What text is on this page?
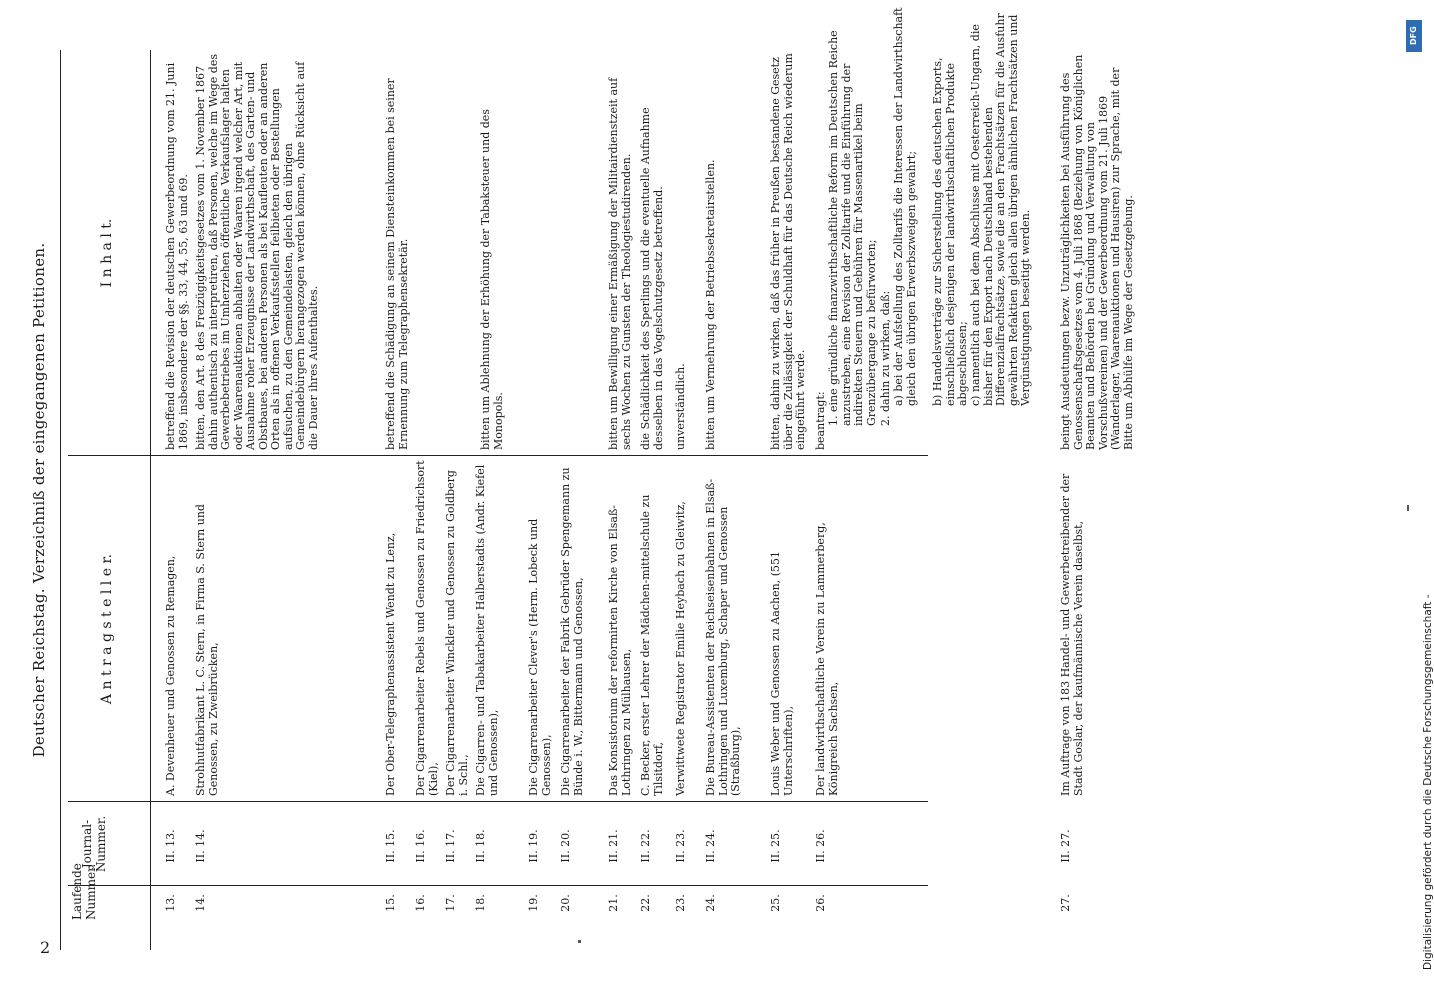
2
Deutscher Reichstag. Verzeichniß der eingegangenen Petitionen.
Laufende Nummer.
Journal-Nummer.
A n t r a g s t e l l e r.
I n h a l t.
13.
II. 13.
A. Devenheuer und Genossen zu Remagen,
betreffend die Revision der deutschen Gewerbeordnung vom 21. Juni 1869, insbesondere der §§. 33, 44, 55, 63 und 69.
14.
II. 14.
Strohhutfabrikant L. C. Stern, in Firma S. Stern und Genossen, zu Zweibrücken,
bitten, den Art. 8 des Freizügigkeitsgesetzes vom 1. November 1867 dahin authentisch zu interpretiren, daß Personen, welche im Wege des Gewerbebetriebes im Umherziehen öffentliche Verkaufslager halten oder Waarenauktionen abhalten oder Waaren irgend welcher Art, mit Ausnahme roher Erzeugnisse der Landwirthschaft, des Garten- und Obstbaues, bei anderen Personen als bei Kaufleuten oder an anderen Orten als in offenen Verkaufsstellen feilbieten oder Bestellungen aufsuchen, zu den Gemeindelasten, gleich den übrigen Gemeindebürgern herangezogen werden können, ohne Rücksicht auf die Dauer ihres Aufenthaltes.
15.
II. 15.
Der Ober-Telegraphenassistent Wendt zu Lenz,
betreffend die Schädigung an seinem Diensteinkommen bei seiner Ernennung zum Telegraphensekretär.
16.
II. 16.
Der Cigarrenarbeiter Rebels und Genossen zu Friedrichsort (Kiel),
17.
II. 17.
Der Cigarrenarbeiter Winckler und Genossen zu Goldberg i. Schl.,
18.
II. 18.
Die Cigarren- und Tabakarbeiter Halberstadts (Andr. Kiefel und Genossen),
bitten um Ablehnung der Erhöhung der Tabaksteuer und des Monopols.
19.
II. 19.
Die Cigarrenarbeiter Clever's (Herm. Lobeck und Genossen),
20.
II. 20.
Die Cigarrenarbeiter der Fabrik Gebrüder Spengemann zu Bünde i. W., Bittermann und Genossen,
21.
II. 21.
Das Konsistorium der reformirten Kirche von Elsaß-Lothringen zu Mülhausen,
bitten um Bewilligung einer Ermäßigung der Militairdienstzeit auf sechs Wochen zu Gunsten der Theologiestudirenden.
22.
II. 22.
C. Becker, erster Lehrer der Mädchen-mittelschule zu Tilsitdorf,
die Schädlichkeit des Sperlings und die eventuelle Aufnahme desselben in das Vogelschutzgesetz betreffend.
23.
II. 23.
Verwittwete Registrator Emilie Heybach zu Gleiwitz,
unverständlich.
24.
II. 24.
Die Bureau-Assistenten der Reichseisenbahnen in Elsaß-Lothringen und Luxemburg, Schaper und Genossen (Straßburg),
bitten um Vermehrung der Betriebssekretairstellen.
25.
II. 25.
Louis Weber und Genossen zu Aachen, (551 Unterschriften),
bitten, dahin zu wirken, daß das früher in Preußen bestandene Gesetz über die Zulässigkeit der Schuldhaft für das Deutsche Reich wiederum eingeführt werde.
26.
II. 26.
Der landwirthschaftliche Verein zu Lammerberg, Königreich Sachsen,
beantragt: 1. eine gründliche finanzwirthschaftliche Reform im Deutschen Reiche anzustreben, eine Revision der Zolltarife und die Einführung der indirekten Steuern und Gebühren für Massenartikel beim Grenzübergange zu befürworten; 2. dahin zu wirken, daß: a) bei der Aufstellung des Zolltarifs die Interessen der Landwirthschaft gleich den übrigen Erwerbszweigen gewahrt; b) Handelsverträge zur Sicherstellung des deutschen Exports, einschließlich desjenigen der landwirthschaftlichen Produkte abgeschlossen; c) namentlich auch bei dem Abschlusse mit Oesterreich-Ungarn, die bisher für den Export nach Deutschland bestehenden Differenzialfrachtsätze, sowie die an den Frachtsätzen für die Ausfuhr gewährten Refaktien gleich allen übrigen ähnlichen Frachtsätzen und Vergünstigungen beseitigt werden.
27.
II. 27.
Im Auftrage von 183 Handel- und Gewerbetreibender der Stadt Goslar, der kaufmännische Verein daselbst,
beingt Ausdeutungen bezw. Unzuträglichkeiten bei Ausführung des Genossenschaftsgesetzes vom 4. Juli 1868 (Beziehung von Königlichen Beamten und Behörden bei Gründung und Verwaltung von Vorschußvereinen) und der Gewerbeordnung vom 21. Juli 1869 (Wanderlager, Waarenauktionen und Hausiren) zur Sprache, mit der Bitte um Abhülfe im Wege der Gesetzgebung.
DFG
Digitalisierung gefördert durch die Deutsche Forschungsgemeinschaft -
